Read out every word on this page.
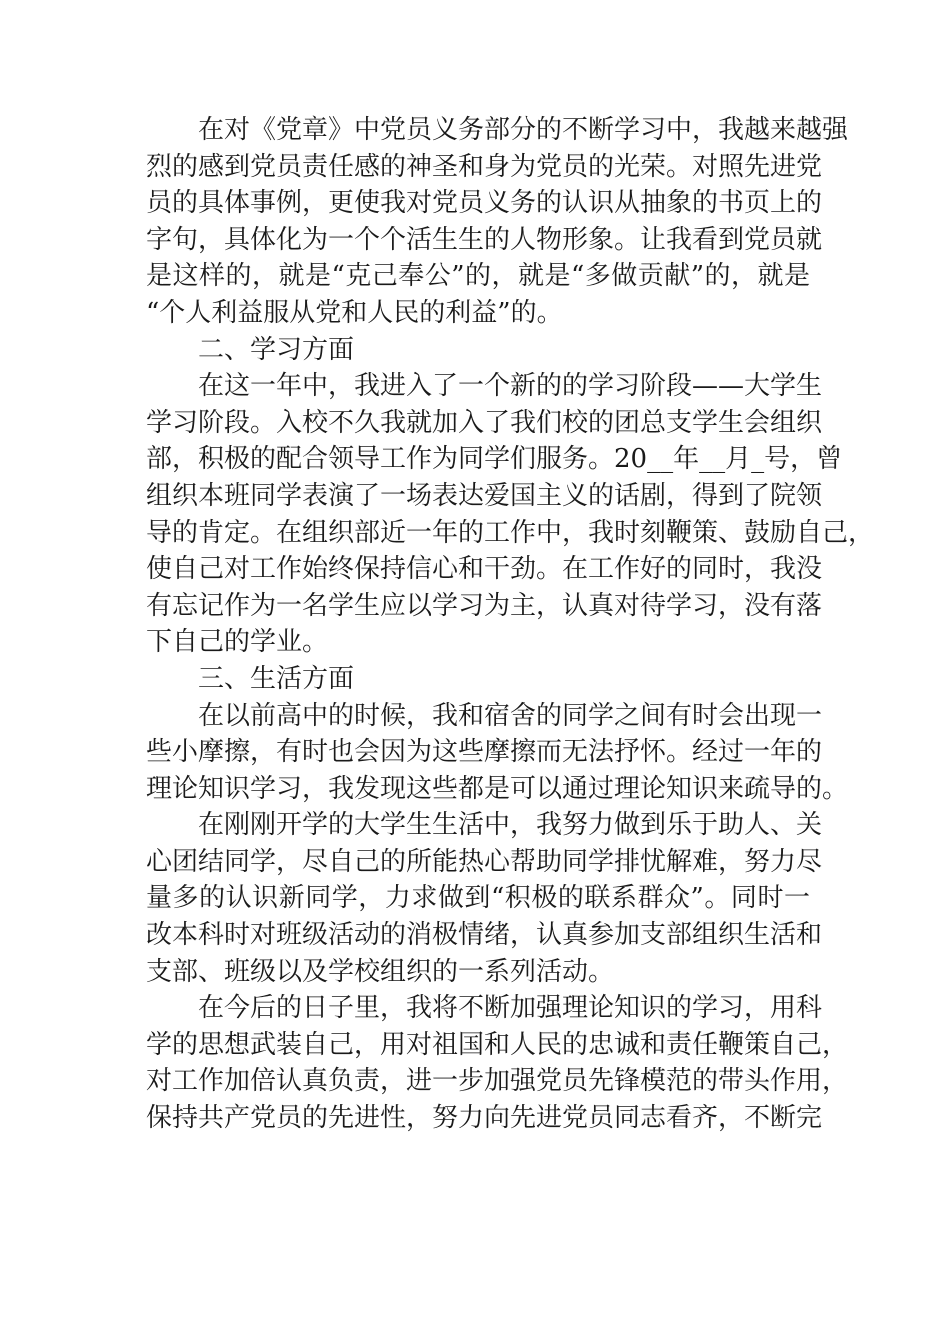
在对《党章》中党员义务部分的不断学习中，我越来越强
烈的感到党员责任感的神圣和身为党员的光荣。对照先进党
员的具体事例，更使我对党员义务的认识从抽象的书页上的
字句，具体化为一个个活生生的人物形象。让我看到党员就
是这样的，就是“克己奉公”的，就是“多做贡献”的，就是
“个人利益服从党和人民的利益”的。
二、学习方面
在这一年中，我进入了一个新的的学习阶段——大学生
学习阶段。入校不久我就加入了我们校的团总支学生会组织
部，积极的配合领导工作为同学们服务。20__年__月_号，曾
组织本班同学表演了一场表达爱国主义的话剧，得到了院领
导的肯定。在组织部近一年的工作中，我时刻鞭策、鼓励自己，
使自己对工作始终保持信心和干劲。在工作好的同时，我没
有忘记作为一名学生应以学习为主，认真对待学习，没有落
下自己的学业。
三、生活方面
在以前高中的时候，我和宿舍的同学之间有时会出现一
些小摩擦，有时也会因为这些摩擦而无法抒怀。经过一年的
理论知识学习，我发现这些都是可以通过理论知识来疏导的。
在刚刚开学的大学生生活中，我努力做到乐于助人、关
心团结同学，尽自己的所能热心帮助同学排忧解难，努力尽
量多的认识新同学，力求做到“积极的联系群众”。同时一
改本科时对班级活动的消极情绪，认真参加支部组织生活和
支部、班级以及学校组织的一系列活动。
在今后的日子里，我将不断加强理论知识的学习，用科
学的思想武装自己，用对祖国和人民的忠诚和责任鞭策自己，
对工作加倍认真负责，进一步加强党员先锋模范的带头作用，
保持共产党员的先进性，努力向先进党员同志看齐，不断完
